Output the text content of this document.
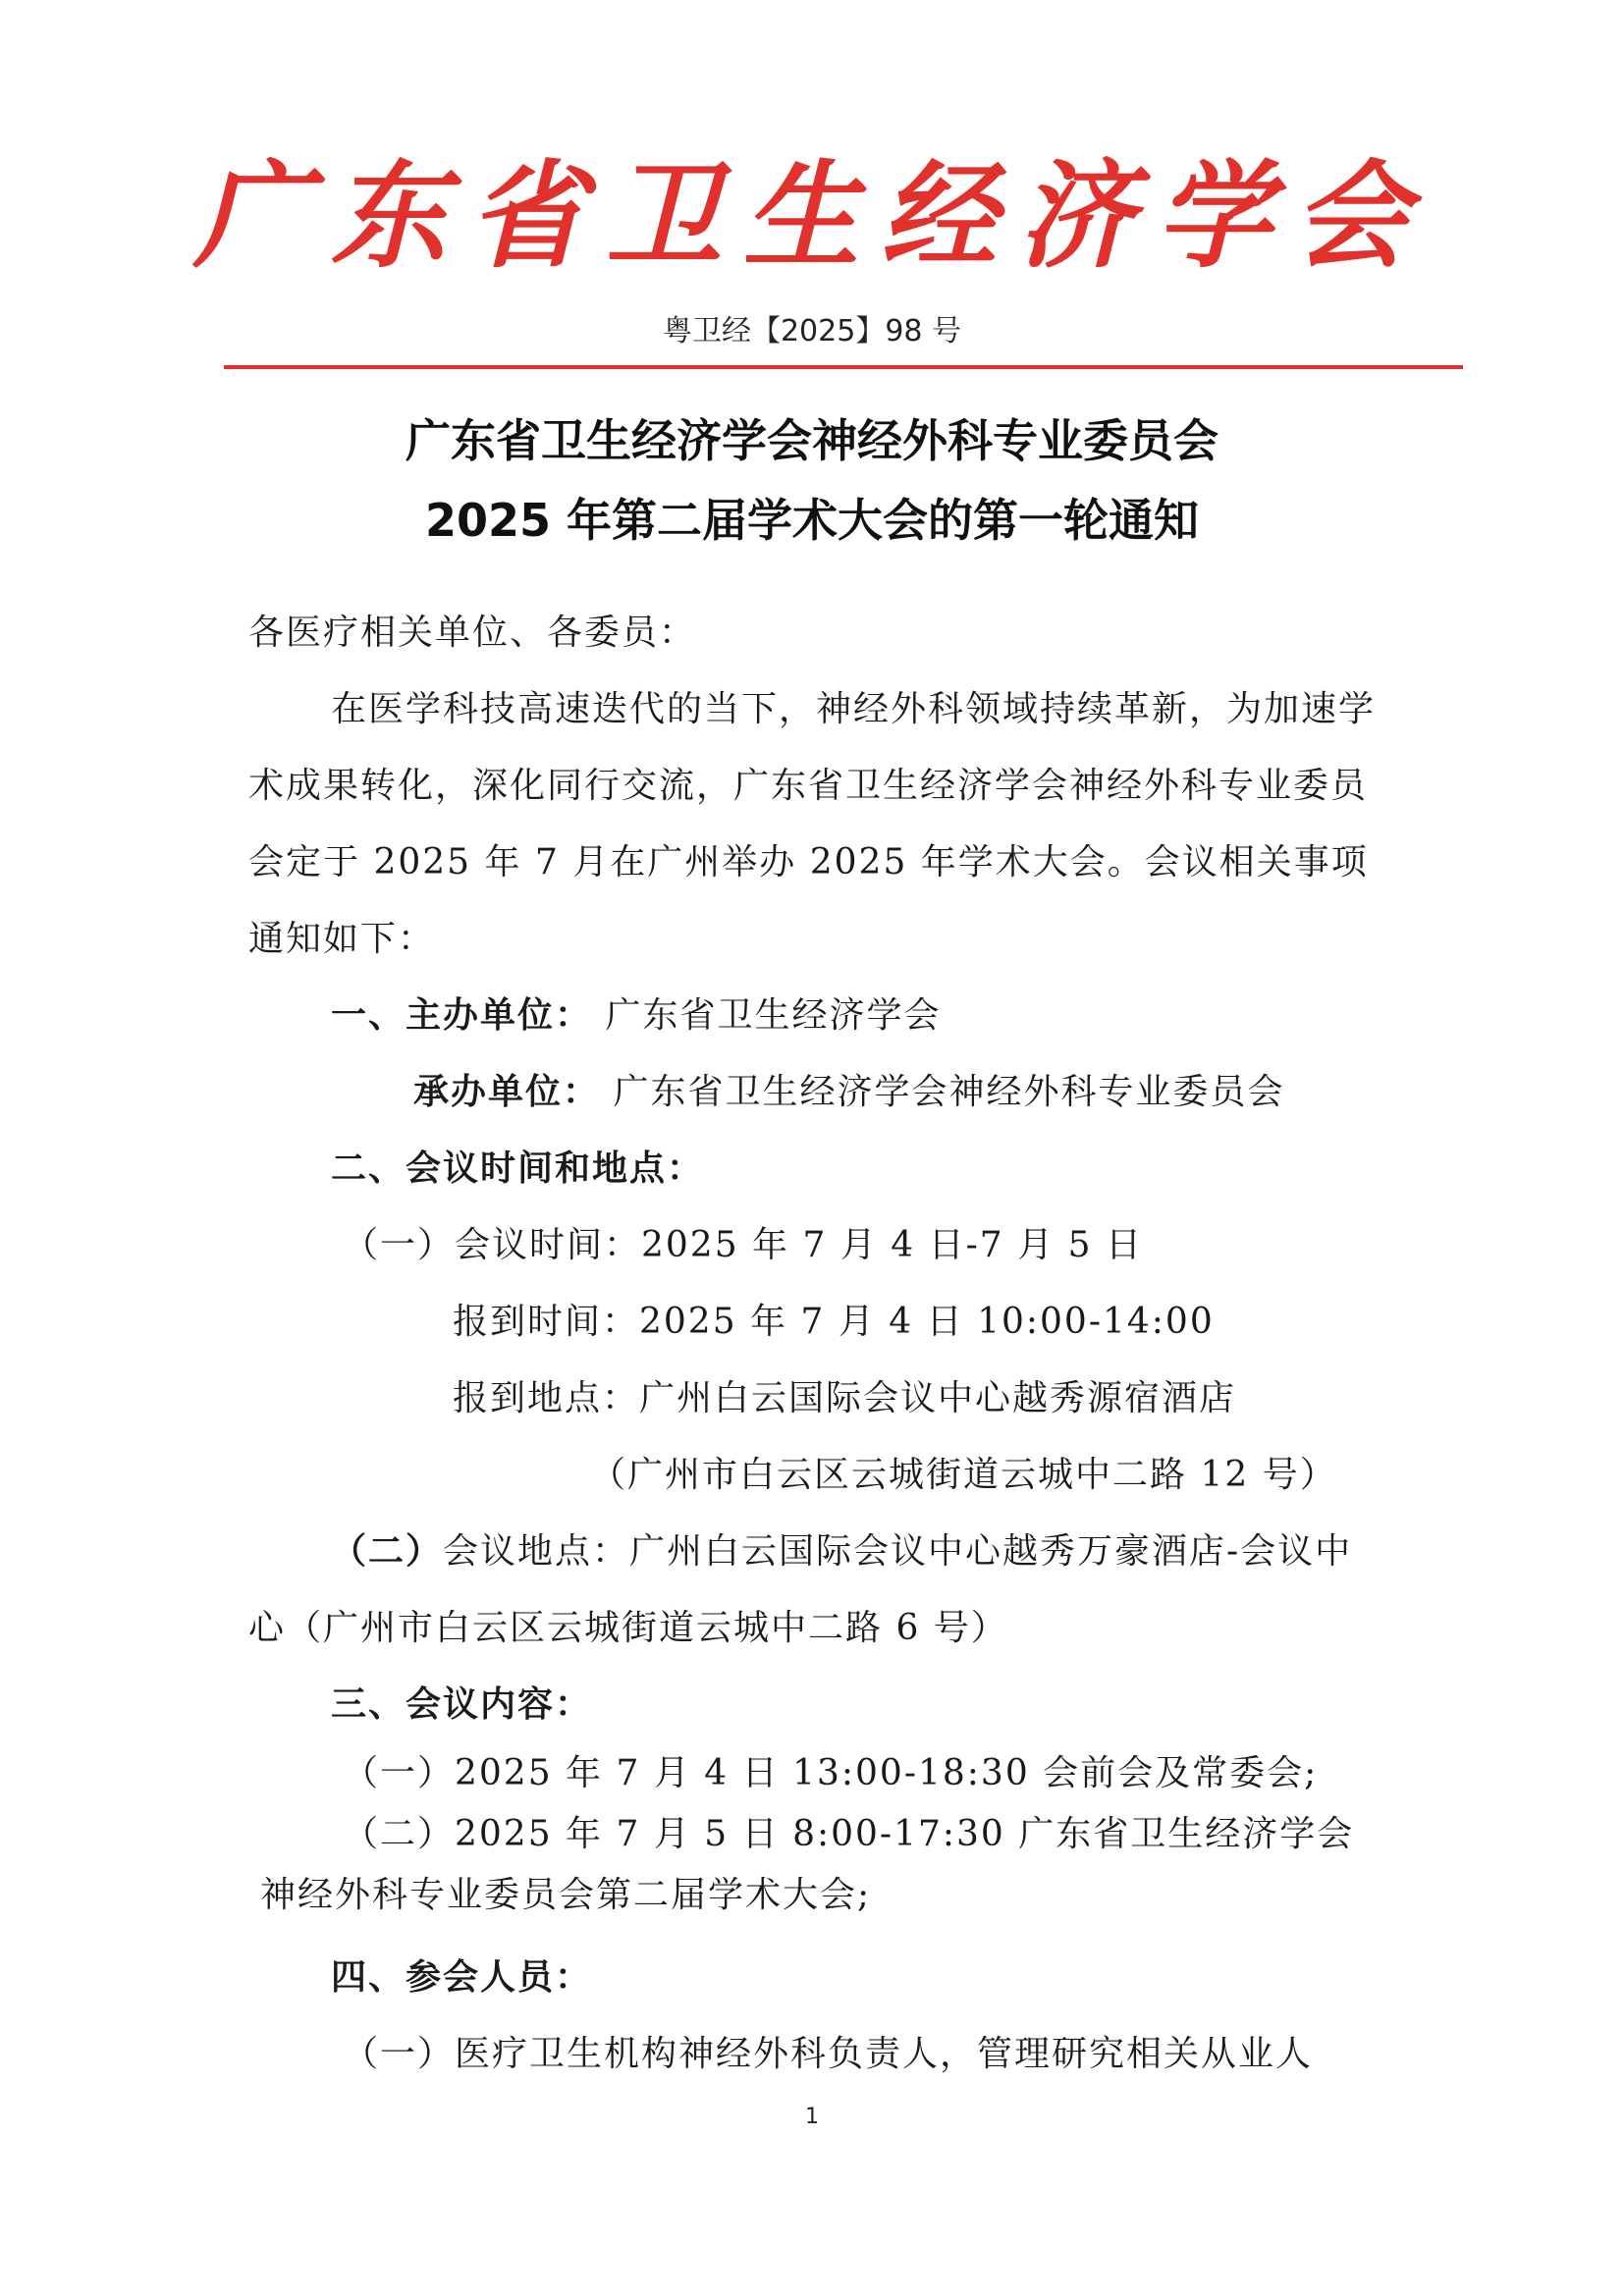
广东省卫生经济学会
粤卫经【2025】98 号
广东省卫生经济学会神经外科专业委员会
2025 年第二届学术大会的第一轮通知

各医疗相关单位、各委员：

在医学科技高速迭代的当下，神经外科领域持续革新，为加速学术成果转化，深化同行交流，广东省卫生经济学会神经外科专业委员会定于 2025 年 7 月在广州举办 2025 年学术大会。会议相关事项通知如下：

一、主办单位： 广东省卫生经济学会

承办单位： 广东省卫生经济学会神经外科专业委员会

二、会议时间和地点：

（一）会议时间：2025 年 7 月 4 日-7 月 5 日

报到时间：2025 年 7 月 4 日 10:00-14:00

报到地点：广州白云国际会议中心越秀源宿酒店

（广州市白云区云城街道云城中二路 12 号）

（二）会议地点：广州白云国际会议中心越秀万豪酒店-会议中心（广州市白云区云城街道云城中二路 6 号）

三、会议内容：

（一）2025 年 7 月 4 日 13:00-18:30 会前会及常委会;

（二）2025 年 7 月 5 日 8:00-17:30 广东省卫生经济学会神经外科专业委员会第二届学术大会;

四、参会人员：

（一）医疗卫生机构神经外科负责人，管理研究相关从业人

1
